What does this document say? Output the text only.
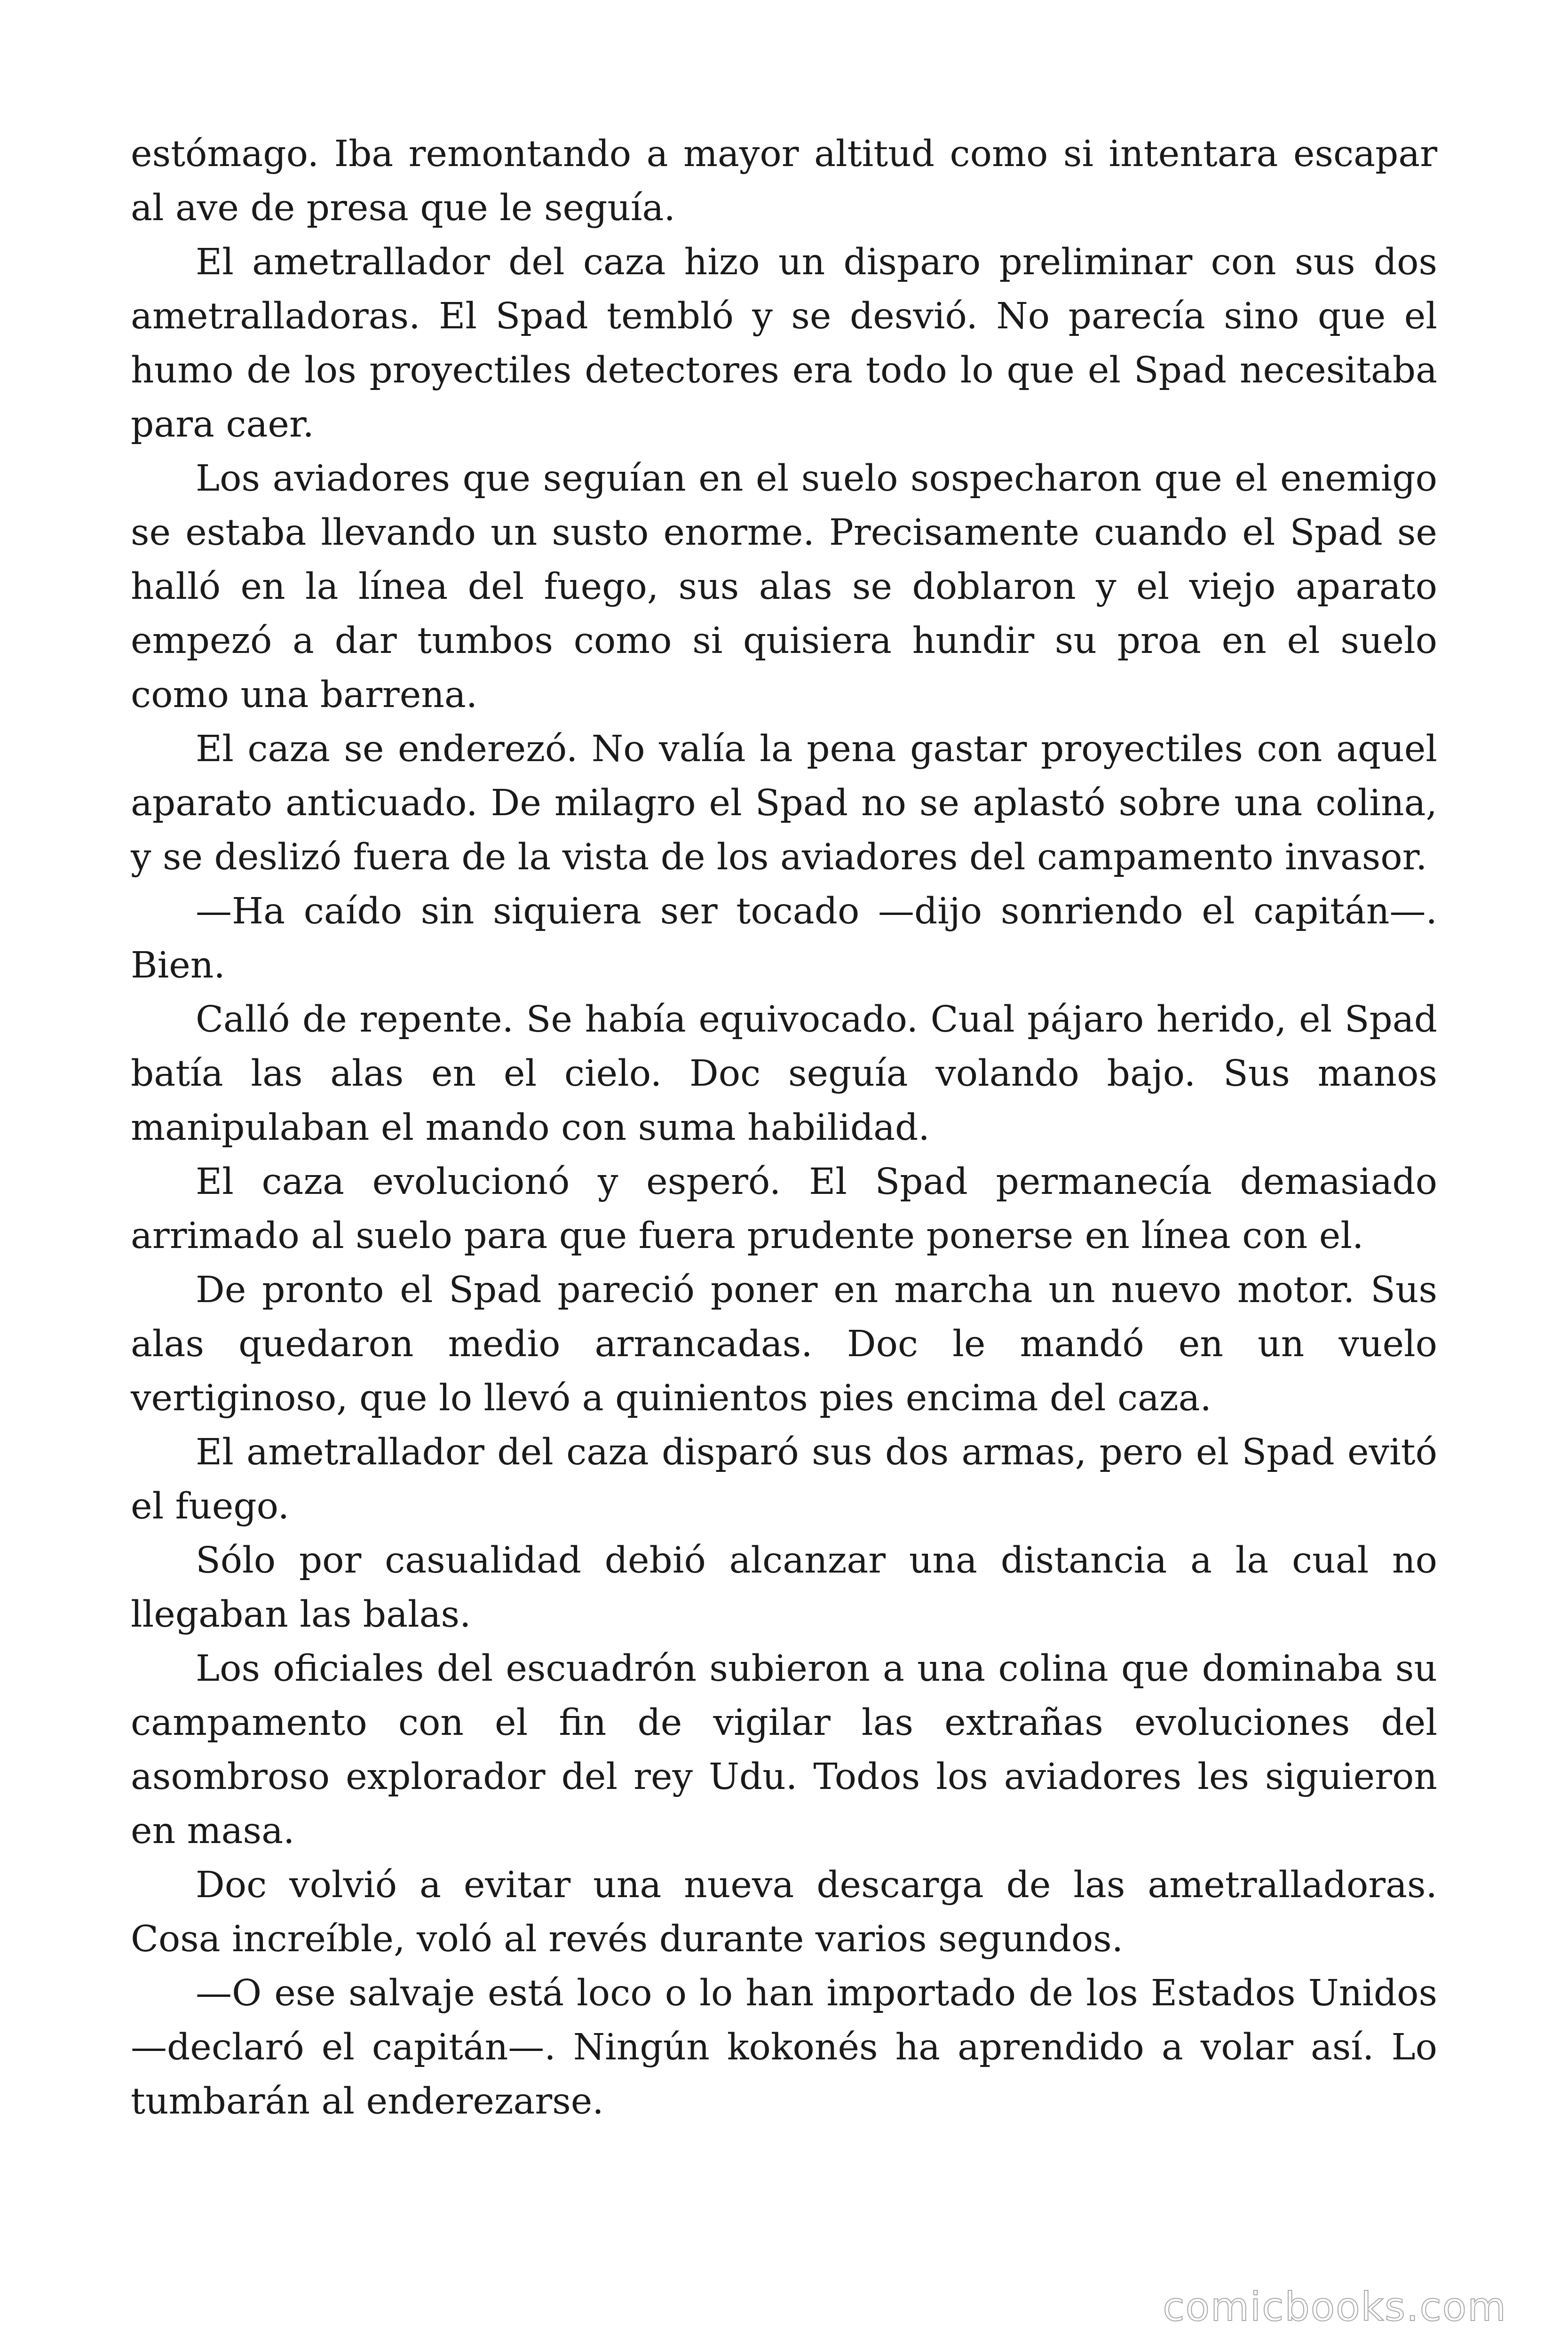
estómago. Iba remontando a mayor altitud como si intentara escapar al ave de presa que le seguía.

El ametrallador del caza hizo un disparo preliminar con sus dos ametralladoras. El Spad tembló y se desvió. No parecía sino que el humo de los proyectiles detectores era todo lo que el Spad necesitaba para caer.

Los aviadores que seguían en el suelo sospecharon que el enemigo se estaba llevando un susto enorme. Precisamente cuando el Spad se halló en la línea del fuego, sus alas se doblaron y el viejo aparato empezó a dar tumbos como si quisiera hundir su proa en el suelo como una barrena.

El caza se enderezó. No valía la pena gastar proyectiles con aquel aparato anticuado. De milagro el Spad no se aplastó sobre una colina, y se deslizó fuera de la vista de los aviadores del campamento invasor.

—Ha caído sin siquiera ser tocado —dijo sonriendo el capitán—. Bien.

Calló de repente. Se había equivocado. Cual pájaro herido, el Spad batía las alas en el cielo. Doc seguía volando bajo. Sus manos manipulaban el mando con suma habilidad.

El caza evolucionó y esperó. El Spad permanecía demasiado arrimado al suelo para que fuera prudente ponerse en línea con el.

De pronto el Spad pareció poner en marcha un nuevo motor. Sus alas quedaron medio arrancadas. Doc le mandó en un vuelo vertiginoso, que lo llevó a quinientos pies encima del caza.

El ametrallador del caza disparó sus dos armas, pero el Spad evitó el fuego.

Sólo por casualidad debió alcanzar una distancia a la cual no llegaban las balas.

Los oficiales del escuadrón subieron a una colina que dominaba su campamento con el fin de vigilar las extrañas evoluciones del asombroso explorador del rey Udu. Todos los aviadores les siguieron en masa.

Doc volvió a evitar una nueva descarga de las ametralladoras. Cosa increíble, voló al revés durante varios segundos.

—O ese salvaje está loco o lo han importado de los Estados Unidos —declaró el capitán—. Ningún kokonés ha aprendido a volar así. Lo tumbarán al enderezarse.

comicbooks.com
